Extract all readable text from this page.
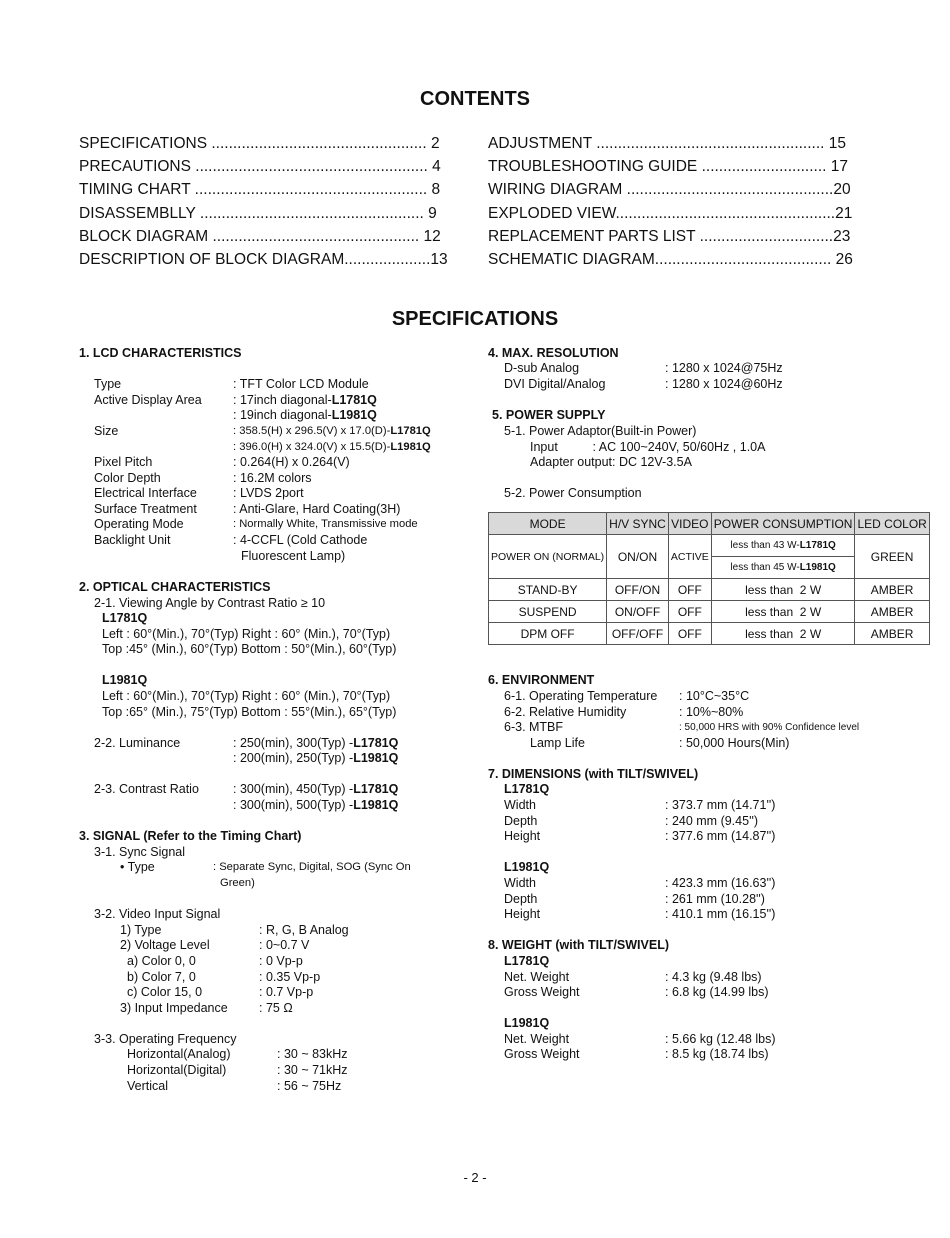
CONTENTS
SPECIFICATIONS .................................................. 2
PRECAUTIONS ...................................................... 4
TIMING CHART ...................................................... 8
DISASSEMBLLY .................................................... 9
BLOCK DIAGRAM ................................................ 12
DESCRIPTION OF BLOCK DIAGRAM....................13
ADJUSTMENT ..................................................... 15
TROUBLESHOOTING GUIDE ............................. 17
WIRING DIAGRAM ................................................20
EXPLODED VIEW...................................................21
REPLACEMENT PARTS LIST ...............................23
SCHEMATIC DIAGRAM......................................... 26
SPECIFICATIONS
1. LCD CHARACTERISTICS
Type	: TFT Color LCD Module
Active Display Area	: 17inch diagonal-L1781Q
: 19inch diagonal-L1981Q
Size	: 358.5(H) x 296.5(V) x 17.0(D)-L1781Q
: 396.0(H) x 324.0(V) x 15.5(D)-L1981Q
Pixel Pitch	: 0.264(H) x 0.264(V)
Color Depth	: 16.2M colors
Electrical Interface	: LVDS 2port
Surface Treatment	: Anti-Glare, Hard Coating(3H)
Operating Mode	: Normally White, Transmissive mode
Backlight Unit	: 4-CCFL (Cold Cathode
Fluorescent Lamp)
2. OPTICAL CHARACTERISTICS
2-1. Viewing Angle by Contrast Ratio ≥ 10
L1781Q
Left : 60°(Min.), 70°(Typ) Right : 60° (Min.), 70°(Typ)
Top :45° (Min.), 60°(Typ) Bottom : 50°(Min.), 60°(Typ)
L1981Q
Left : 60°(Min.), 70°(Typ) Right : 60° (Min.), 70°(Typ)
Top :65° (Min.), 75°(Typ) Bottom : 55°(Min.), 65°(Typ)
2-2. Luminance	: 250(min), 300(Typ) -L1781Q
: 200(min), 250(Typ) -L1981Q
2-3. Contrast Ratio	: 300(min), 450(Typ) -L1781Q
: 300(min), 500(Typ) -L1981Q
3. SIGNAL (Refer to the Timing Chart)
3-1. Sync Signal
• Type	: Separate Sync, Digital, SOG (Sync On
Green)
3-2. Video Input Signal
1) Type	: R, G, B Analog
2) Voltage Level	: 0~0.7 V
a) Color 0, 0	: 0 Vp-p
b) Color 7, 0	: 0.35 Vp-p
c) Color 15, 0	: 0.7 Vp-p
3) Input Impedance	: 75 Ω
3-3. Operating Frequency
Horizontal(Analog)	: 30 ~ 83kHz
Horizontal(Digital)	: 30 ~ 71kHz
Vertical	: 56 ~ 75Hz
4. MAX. RESOLUTION
D-sub Analog	: 1280 x 1024@75Hz
DVI Digital/Analog	: 1280 x 1024@60Hz
5. POWER SUPPLY
5-1. Power Adaptor(Built-in Power)
Input          : AC 100~240V, 50/60Hz , 1.0A
Adapter output: DC 12V-3.5A
5-2. Power Consumption
MODE	H/V SYNC	VIDEO	POWER CONSUMPTION	LED COLOR
POWER ON (NORMAL)	ON/ON	ACTIVE	less than 43 W-L1781Q	GREEN
			less than 45 W-L1981Q	
STAND-BY	OFF/ON	OFF	less than  2 W	AMBER
SUSPEND	ON/OFF	OFF	less than  2 W	AMBER
DPM OFF	OFF/OFF	OFF	less than  2 W	AMBER
6. ENVIRONMENT
6-1. Operating Temperature : 10°C~35°C
6-2. Relative Humidity	: 10%~80%
6-3. MTBF	: 50,000 HRS with 90% Confidence level
Lamp Life	: 50,000 Hours(Min)
7. DIMENSIONS (with TILT/SWIVEL)
L1781Q
Width	: 373.7 mm (14.71'')
Depth	: 240 mm (9.45'')
Height	: 377.6 mm (14.87'')
L1981Q
Width	: 423.3 mm (16.63'')
Depth	: 261 mm (10.28'')
Height	: 410.1 mm (16.15'')
8. WEIGHT (with TILT/SWIVEL)
L1781Q
Net. Weight	: 4.3 kg (9.48 lbs)
Gross Weight	: 6.8 kg (14.99 lbs)
L1981Q
Net. Weight	: 5.66 kg (12.48 lbs)
Gross Weight	: 8.5 kg (18.74 lbs)
- 2 -
